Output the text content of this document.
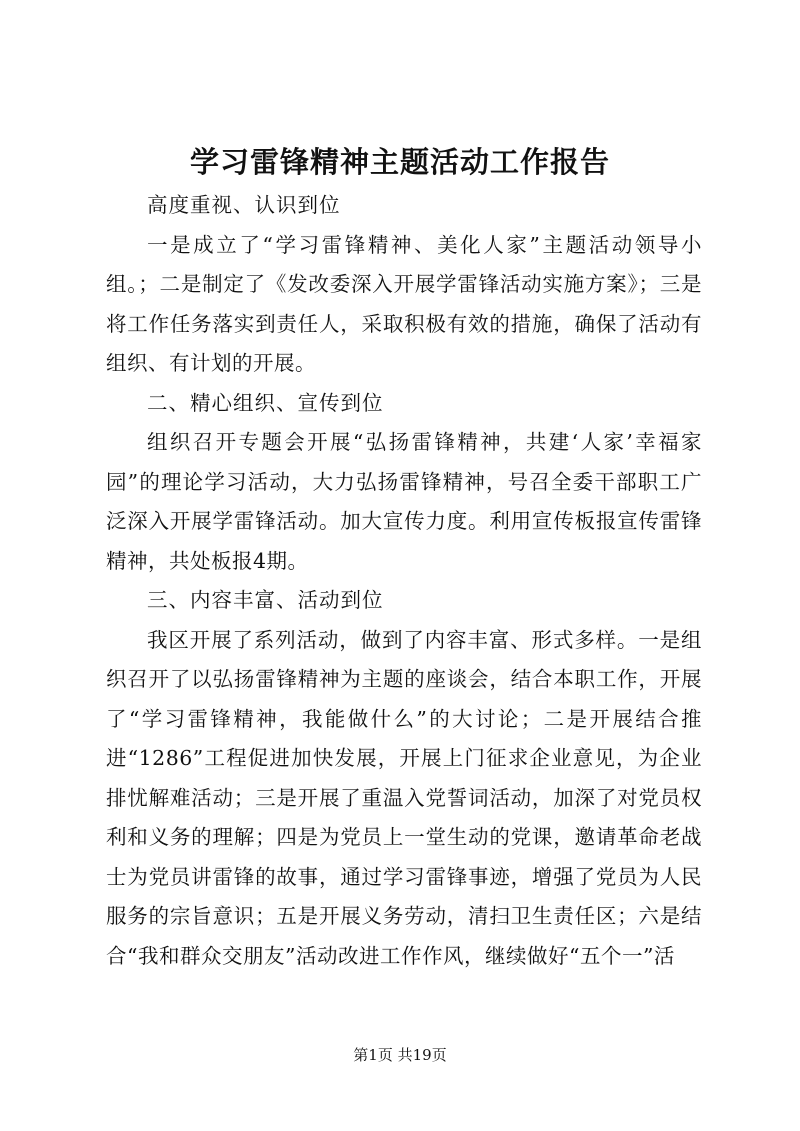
学习雷锋精神主题活动工作报告

高度重视、认识到位

一是成立了“学习雷锋精神、美化人家”主题活动领导小组。；二是制定了《发改委深入开展学雷锋活动实施方案》；三是将工作任务落实到责任人，采取积极有效的措施，确保了活动有组织、有计划的开展。

二、精心组织、宣传到位

组织召开专题会开展“弘扬雷锋精神，共建‘人家’幸福家园”的理论学习活动，大力弘扬雷锋精神，号召全委干部职工广泛深入开展学雷锋活动。加大宣传力度。利用宣传板报宣传雷锋精神，共处板报4期。

三、内容丰富、活动到位

我区开展了系列活动，做到了内容丰富、形式多样。一是组织召开了以弘扬雷锋精神为主题的座谈会，结合本职工作，开展了“学习雷锋精神，我能做什么”的大讨论；二是开展结合推进“1286”工程促进加快发展，开展上门征求企业意见，为企业排忧解难活动；三是开展了重温入党誓词活动，加深了对党员权利和义务的理解；四是为党员上一堂生动的党课，邀请革命老战士为党员讲雷锋的故事，通过学习雷锋事迹，增强了党员为人民服务的宗旨意识；五是开展义务劳动，清扫卫生责任区；六是结合“我和群众交朋友”活动改进工作作风，继续做好“五个一”活

第1页 共19页
